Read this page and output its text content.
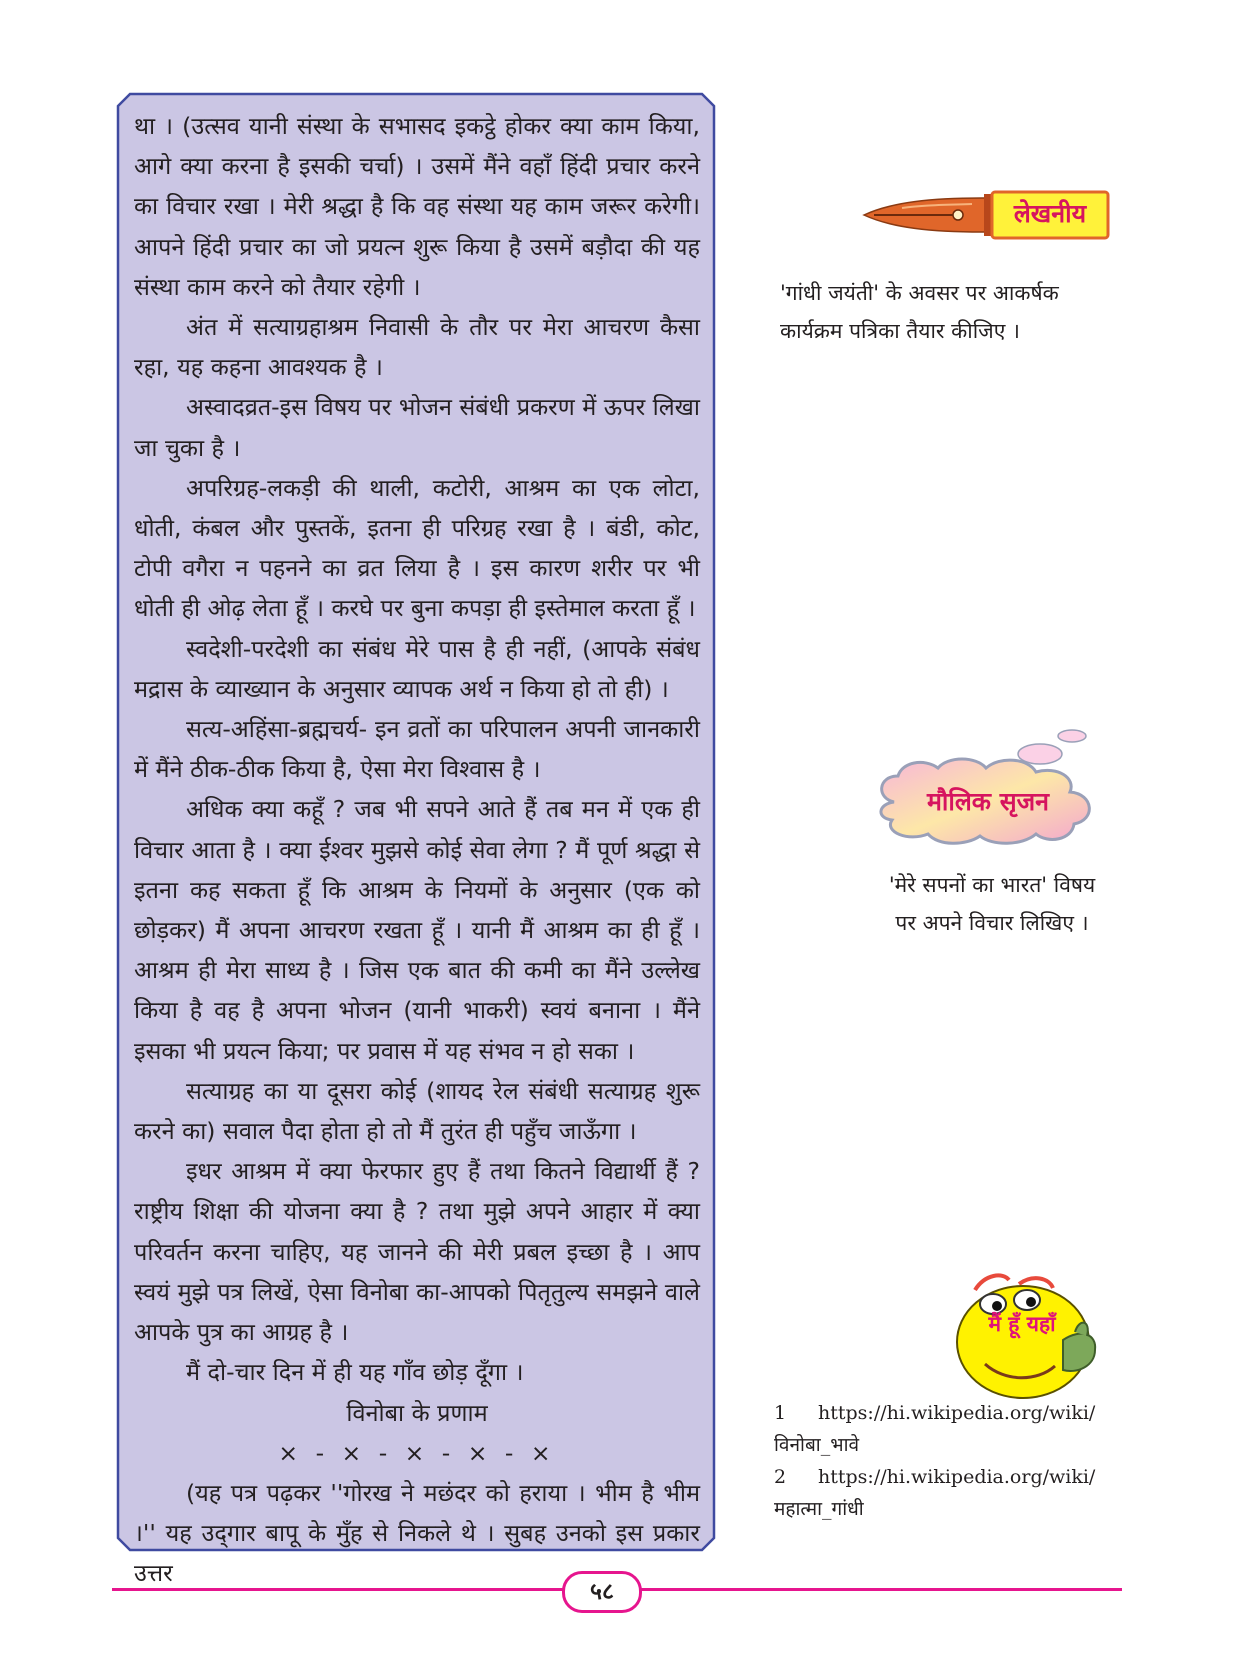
था । (उत्सव यानी संस्था के सभासद इकट्ठे होकर क्या काम किया, आगे क्या करना है इसकी चर्चा) । उसमें मैंने वहाँ हिंदी प्रचार करने का विचार रखा । मेरी श्रद्धा है कि वह संस्था यह काम जरूर करेगी। आपने हिंदी प्रचार का जो प्रयत्न शुरू किया है उसमें बड़ौदा की यह संस्था काम करने को तैयार रहेगी ।

अंत में सत्याग्रहाश्रम निवासी के तौर पर मेरा आचरण कैसा रहा, यह कहना आवश्यक है ।

अस्वादव्रत-इस विषय पर भोजन संबंधी प्रकरण में ऊपर लिखा जा चुका है ।

अपरिग्रह-लकड़ी की थाली, कटोरी, आश्रम का एक लोटा, धोती, कंबल और पुस्तकें, इतना ही परिग्रह रखा है । बंडी, कोट, टोपी वगैरा न पहनने का व्रत लिया है । इस कारण शरीर पर भी धोती ही ओढ़ लेता हूँ । करघे पर बुना कपड़ा ही इस्तेमाल करता हूँ ।

स्वदेशी-परदेशी का संबंध मेरे पास है ही नहीं, (आपके संबंध मद्रास के व्याख्यान के अनुसार व्यापक अर्थ न किया हो तो ही) ।

सत्य-अहिंसा-ब्रह्मचर्य- इन व्रतों का परिपालन अपनी जानकारी में मैंने ठीक-ठीक किया है, ऐसा मेरा विश्वास है ।

अधिक क्या कहूँ ? जब भी सपने आते हैं तब मन में एक ही विचार आता है । क्या ईश्वर मुझसे कोई सेवा लेगा ? मैं पूर्ण श्रद्धा से इतना कह सकता हूँ कि आश्रम के नियमों के अनुसार (एक को छोड़कर) मैं अपना आचरण रखता हूँ । यानी मैं आश्रम का ही हूँ । आश्रम ही मेरा साध्य है । जिस एक बात की कमी का मैंने उल्लेख किया है वह है अपना भोजन (यानी भाकरी) स्वयं बनाना । मैंने इसका भी प्रयत्न किया; पर प्रवास में यह संभव न हो सका ।

सत्याग्रह का या दूसरा कोई (शायद रेल संबंधी सत्याग्रह शुरू करने का) सवाल पैदा होता हो तो मैं तुरंत ही पहुँच जाऊँगा ।

इधर आश्रम में क्या फेरफार हुए हैं तथा कितने विद्यार्थी हैं ? राष्ट्रीय शिक्षा की योजना क्या है ? तथा मुझे अपने आहार में क्या परिवर्तन करना चाहिए, यह जानने की मेरी प्रबल इच्छा है । आप स्वयं मुझे पत्र लिखें, ऐसा विनोबा का-आपको पितृतुल्य समझने वाले आपके पुत्र का आग्रह है ।

मैं दो-चार दिन में ही यह गाँव छोड़ दूँगा ।

विनोबा के प्रणाम

× - × - × - × - ×

(यह पत्र पढ़कर ''गोरख ने मछंदर को हराया । भीम है भीम ।'' यह उद्‌गार बापू के मुँह से निकले थे । सुबह उनको इस प्रकार उत्तर

लेखनीय

'गांधी जयंती' के अवसर पर आकर्षक

कार्यक्रम पत्रिका तैयार कीजिए ।

मौलिक सृजन

'मेरे सपनों का भारत' विषय

पर अपने विचार लिखिए ।

मैं हूँ यहाँ

1 https://hi.wikipedia.org/wiki/

विनोबा_भावे

2 https://hi.wikipedia.org/wiki/

महात्मा_गांधी

५८
